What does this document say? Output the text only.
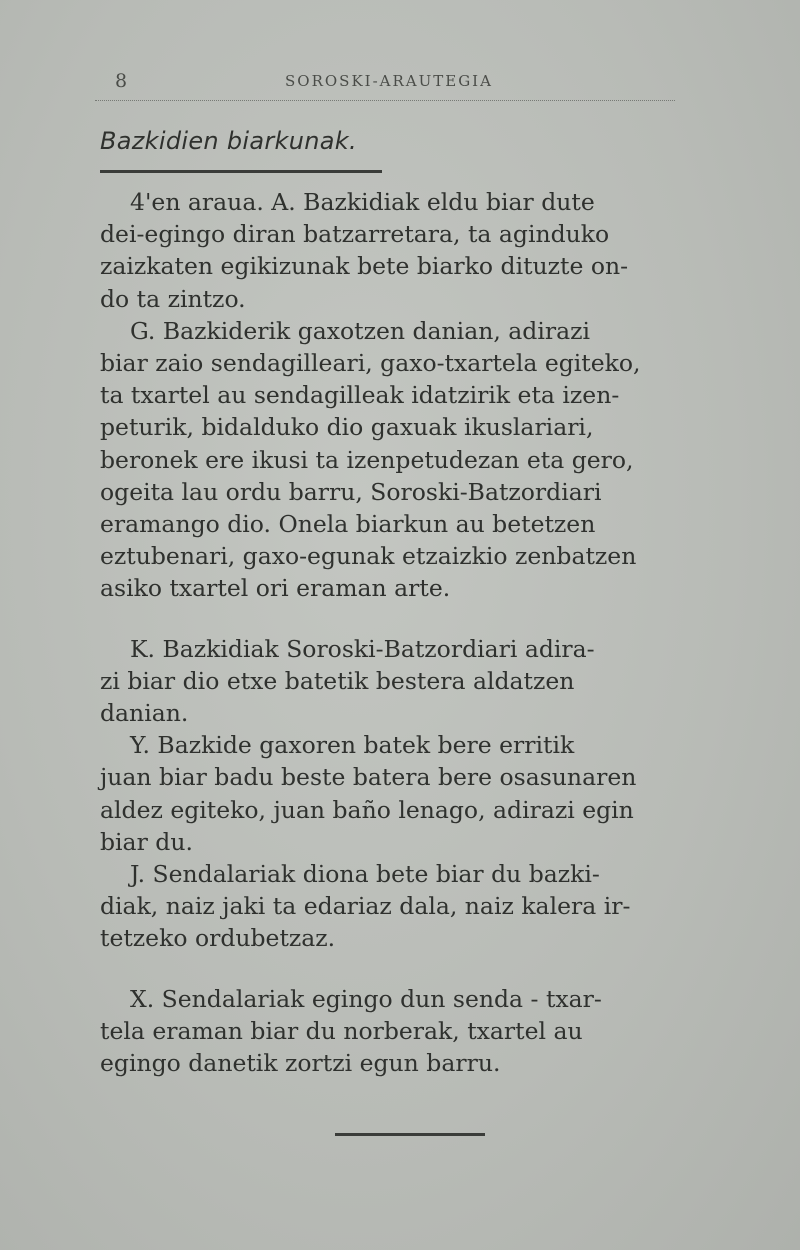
8	SOROSKI-ARAUTEGIA
Bazkidien biarkunak.
4'en araua. A. Bazkidiak eldu biar dute
dei-egingo diran batzarretara, ta aginduko
zaizkaten egikizunak bete biarko dituzte on-
do ta zintzo.
G. Bazkiderik gaxotzen danian, adirazi
biar zaio sendagilleari, gaxo-txartela egiteko,
ta txartel au sendagilleak idatzirik eta izen-
peturik, bidalduko dio gaxuak ikuslariari,
beronek ere ikusi ta izenpetudezan eta gero,
ogeita lau ordu barru, Soroski-Batzordiari
eramango dio. Onela biarkun au betetzen
eztubenari, gaxo-egunak etzaizkio zenbatzen
asiko txartel ori eraman arte.
K. Bazkidiak Soroski-Batzordiari adira-
zi biar dio etxe batetik bestera aldatzen
danian.
Y. Bazkide gaxoren batek bere erritik
juan biar badu beste batera bere osasunaren
aldez egiteko, juan baño lenago, adirazi egin
biar du.
J. Sendalariak diona bete biar du bazki-
diak, naiz jaki ta edariaz dala, naiz kalera ir-
tetzeko ordubetzaz.
X. Sendalariak egingo dun senda - txar-
tela eraman biar du norberak, txartel au
egingo danetik zortzi egun barru.
